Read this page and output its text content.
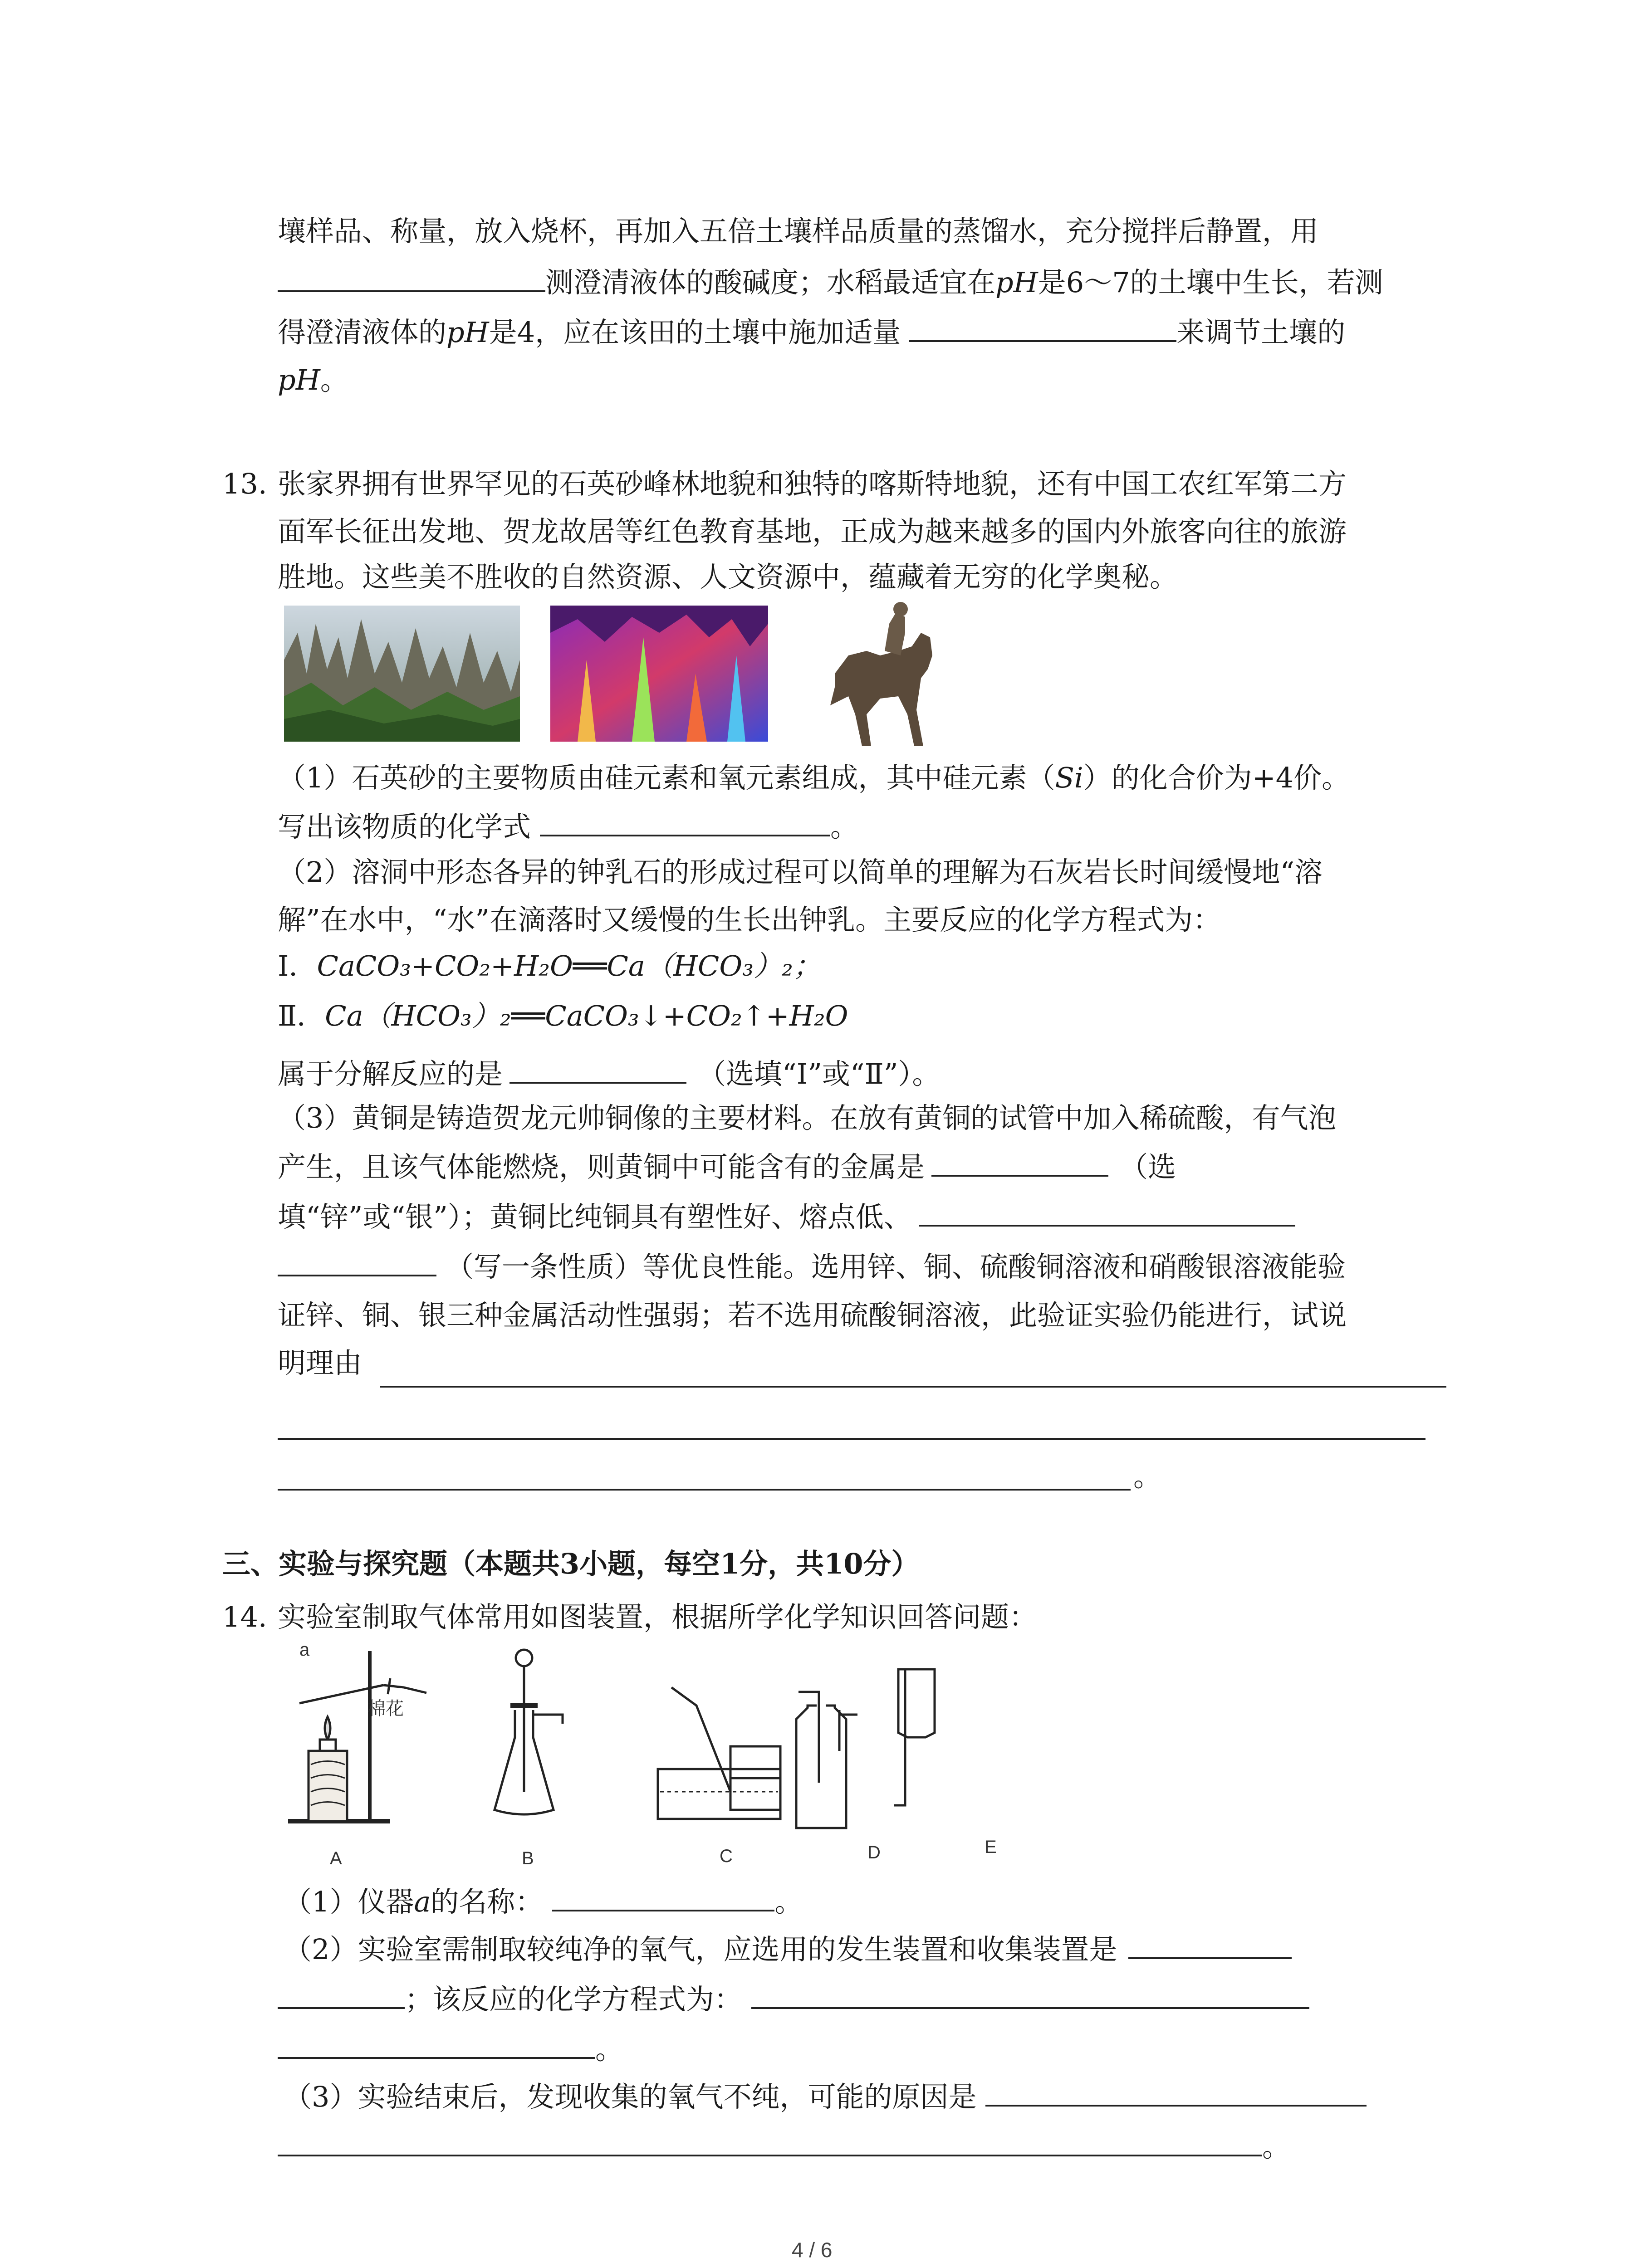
壤样品、称量，放入烧杯，再加入五倍土壤样品质量的蒸馏水，充分搅拌后静置，用
测澄清液体的酸碱度；水稻最适宜在pH是6～7的土壤中生长，若测
得澄清液体的pH是4，应在该田的土壤中施加适量	来调节土壤的
pH。
13. 张家界拥有世界罕见的石英砂峰林地貌和独特的喀斯特地貌，还有中国工农红军第二方
面军长征出发地、贺龙故居等红色教育基地，正成为越来越多的国内外旅客向往的旅游
胜地。这些美不胜收的自然资源、人文资源中，蕴藏着无穷的化学奥秘。
（1）石英砂的主要物质由硅元素和氧元素组成，其中硅元素（Si）的化合价为+4价。
写出该物质的化学式	。
（2）溶洞中形态各异的钟乳石的形成过程可以简单的理解为石灰岩长时间缓慢地“溶
解”在水中，“水”在滴落时又缓慢的生长出钟乳。主要反应的化学方程式为：
Ⅰ．CaCO₃+CO₂+H₂O══Ca（HCO₃）₂；
Ⅱ．Ca（HCO₃）₂══CaCO₃↓+CO₂↑+H₂O
属于分解反应的是	（选填“Ⅰ”或“Ⅱ”）。
（3）黄铜是铸造贺龙元帅铜像的主要材料。在放有黄铜的试管中加入稀硫酸，有气泡
产生，且该气体能燃烧，则黄铜中可能含有的金属是	（选
填“锌”或“银”）；黄铜比纯铜具有塑性好、熔点低、
（写一条性质）等优良性能。选用锌、铜、硫酸铜溶液和硝酸银溶液能验
证锌、铜、银三种金属活动性强弱；若不选用硫酸铜溶液，此验证实验仍能进行，试说
明理由
。
三、实验与探究题（本题共3小题，每空1分，共10分）
14. 实验室制取气体常用如图装置，根据所学化学知识回答问题：
a
棉花
A	B	C	D	E
（1）仪器a的名称：	。
（2）实验室需制取较纯净的氧气，应选用的发生装置和收集装置是
；该反应的化学方程式为：
。
（3）实验结束后，发现收集的氧气不纯，可能的原因是
。
4 / 6
